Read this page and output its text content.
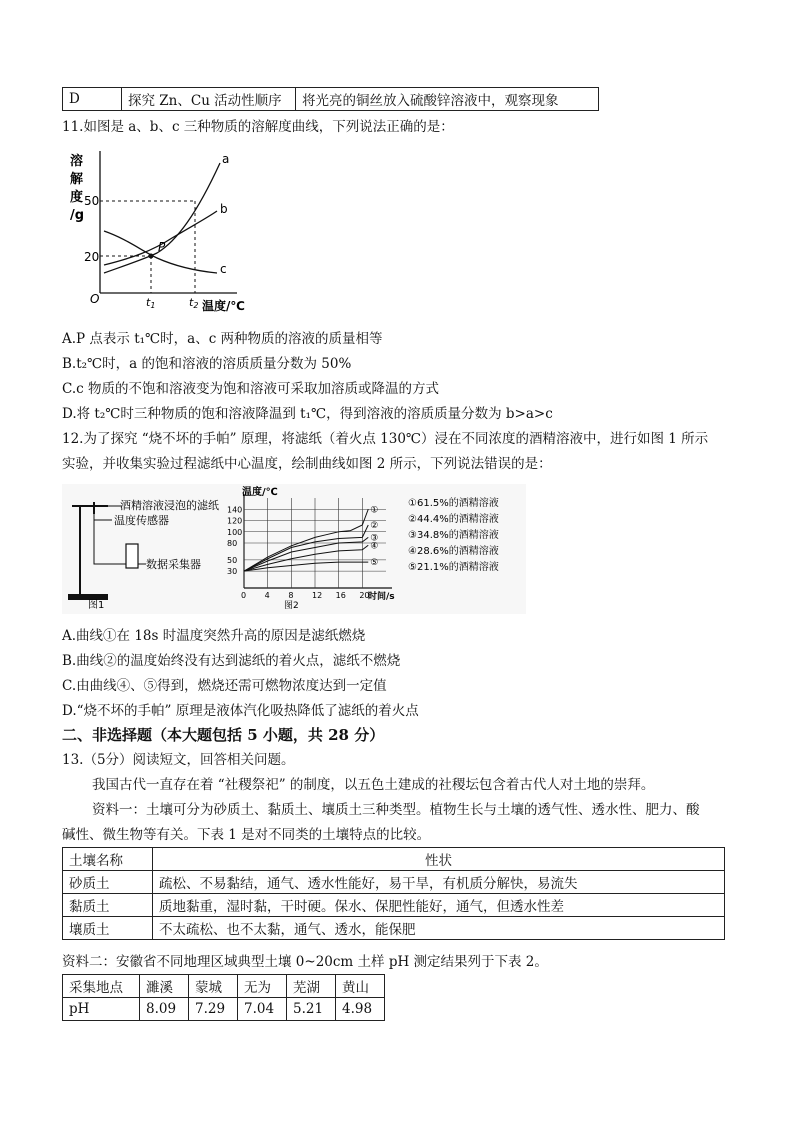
D	探究 Zn、Cu 活动性顺序	将光亮的铜丝放入硫酸锌溶液中，观察现象
11.如图是 a、b、c 三种物质的溶解度曲线，下列说法正确的是：
溶
解
度
/g
50
20
O	t1	t2 温度/℃
P
a
b
c
A.P 点表示 t₁℃时，a、c 两种物质的溶液的质量相等
B.t₂℃时，a 的饱和溶液的溶质质量分数为 50%
C.c 物质的不饱和溶液变为饱和溶液可采取加溶质或降温的方式
D.将 t₂℃时三种物质的饱和溶液降温到 t₁℃，得到溶液的溶质质量分数为 b>a>c
12.为了探究 “烧不坏的手帕” 原理，将滤纸（着火点 130℃）浸在不同浓度的酒精溶液中，进行如图 1 所示
实验，并收集实验过程滤纸中心温度，绘制曲线如图 2 所示，下列说法错误的是：
酒精溶液浸泡的滤纸
温度传感器
数据采集器
图1
0 4 8 12 16 20
140
120
100
80
50
30
①
②
③
④
⑤
温度/℃
时间/s
图2
①61.5%的酒精溶液
②44.4%的酒精溶液
③34.8%的酒精溶液
④28.6%的酒精溶液
⑤21.1%的酒精溶液
A.曲线①在 18s 时温度突然升高的原因是滤纸燃烧
B.曲线②的温度始终没有达到滤纸的着火点，滤纸不燃烧
C.由曲线④、⑤得到，燃烧还需可燃物浓度达到一定值
D.“烧不坏的手帕” 原理是液体汽化吸热降低了滤纸的着火点
二、非选择题（本大题包括 5 小题，共 28 分）
13.（5分）阅读短文，回答相关问题。
我国古代一直存在着 “社稷祭祀” 的制度，以五色土建成的社稷坛包含着古代人对土地的崇拜。
资料一：土壤可分为砂质土、黏质土、壤质土三种类型。植物生长与土壤的透气性、透水性、肥力、酸
碱性、微生物等有关。下表 1 是对不同类的土壤特点的比较。
土壤名称	性状
砂质土	疏松、不易黏结，通气、透水性能好，易干旱，有机质分解快，易流失
黏质土	质地黏重，湿时黏，干时硬。保水、保肥性能好，通气，但透水性差
壤质土	不太疏松、也不太黏，通气、透水，能保肥
资料二：安徽省不同地理区域典型土壤 0~20cm 土样 pH 测定结果列于下表 2。
采集地点	濉溪	蒙城	无为	芜湖	黄山
pH	8.09	7.29	7.04	5.21	4.98
